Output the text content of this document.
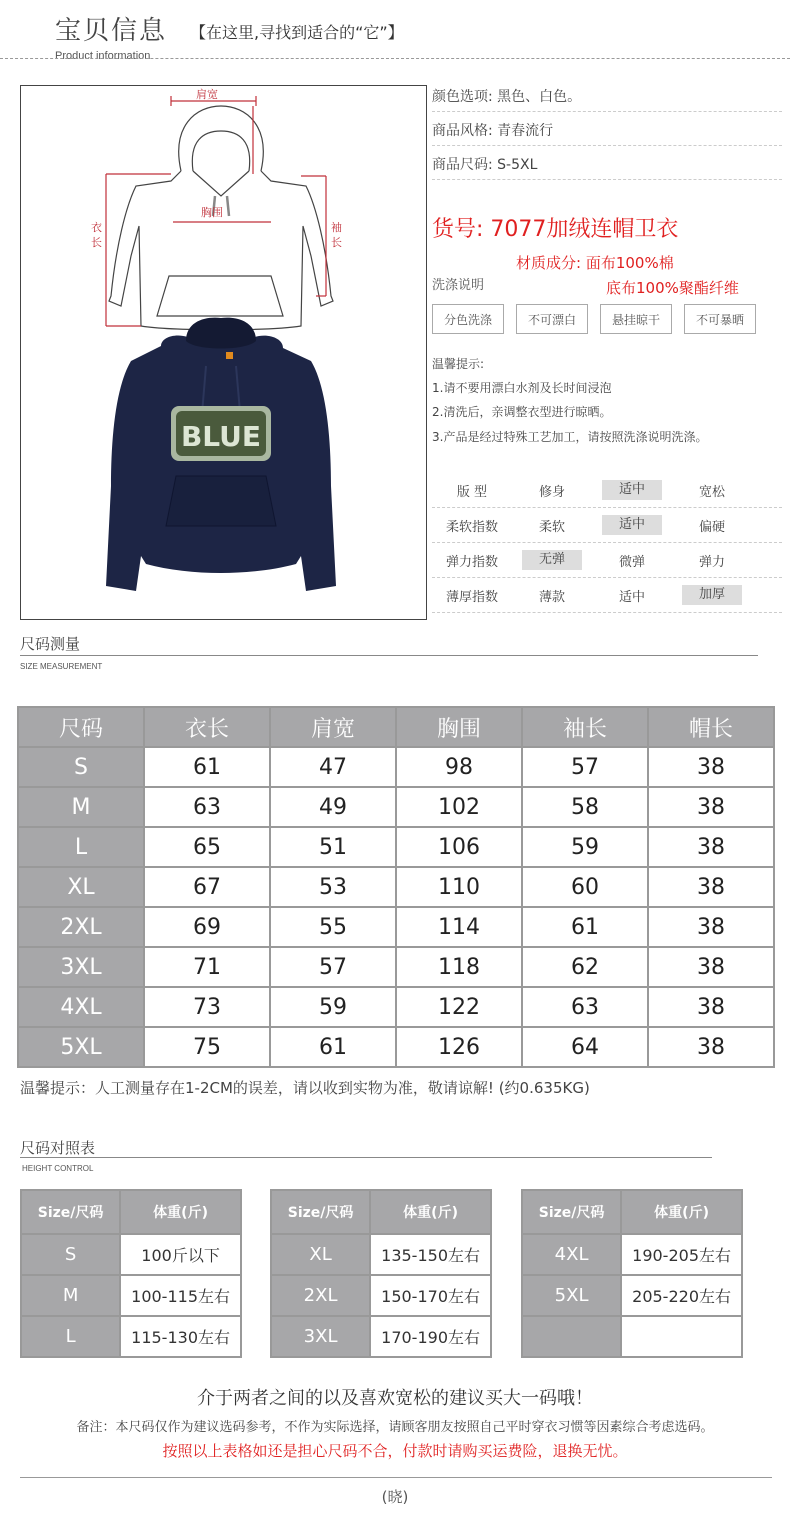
宝贝信息 【在这里,寻找到适合的“它”】
Product information
肩宽
胸围
衣
长
袖
长
BLUE
颜色选项: 黑色、白色。
商品风格: 青春流行
商品尺码: S-5XL
货号: 7077加绒连帽卫衣
材质成分: 面布100%棉
底布100%聚酯纤维
洗涤说明
分色洗涤	不可漂白	悬挂晾干	不可暴晒
温馨提示:
1.请不要用漂白水剂及长时间浸泡
2.清洗后，亲调整衣型进行晾晒。
3.产品是经过特殊工艺加工，请按照洗涤说明洗涤。
版 型	修身	适中	宽松
柔软指数	柔软	适中	偏硬
弹力指数	无弹	微弹	弹力
薄厚指数	薄款	适中	加厚
尺码测量
SIZE MEASUREMENT
尺码	衣长	肩宽	胸围	袖长	帽长
S	61	47	98	57	38
M	63	49	102	58	38
L	65	51	106	59	38
XL	67	53	110	60	38
2XL	69	55	114	61	38
3XL	71	57	118	62	38
4XL	73	59	122	63	38
5XL	75	61	126	64	38
温馨提示：人工测量存在1-2CM的误差，请以收到实物为准，敬请谅解! (约0.635KG)
尺码对照表
HEIGHT CONTROL
Size/尺码	体重(斤)
S	100斤以下
M	100-115左右
L	115-130左右
Size/尺码	体重(斤)
XL	135-150左右
2XL	150-170左右
3XL	170-190左右
Size/尺码	体重(斤)
4XL	190-205左右
5XL	205-220左右

介于两者之间的以及喜欢宽松的建议买大一码哦！
备注：本尺码仅作为建议选码参考，不作为实际选择，请顾客朋友按照自己平时穿衣习惯等因素综合考虑选码。
按照以上表格如还是担心尺码不合，付款时请购买运费险，退换无忧。
(晓)
